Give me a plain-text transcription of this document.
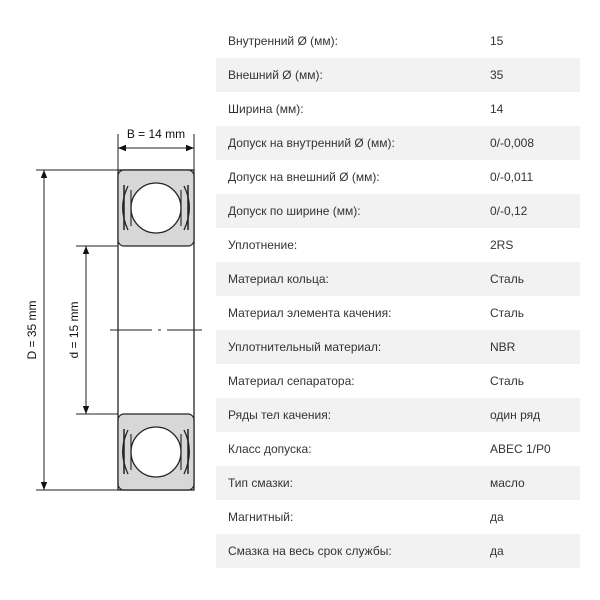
B = 14 mm
D = 35 mm d = 15 mm
Внутренний Ø (мм):	15
Внешний Ø (мм):	35
Ширина (мм):	14
Допуск на внутренний Ø (мм):	0/-0,008
Допуск на внешний Ø (мм):	0/-0,011
Допуск по ширине (мм):	0/-0,12
Уплотнение:	2RS
Материал кольца:	Сталь
Материал элемента качения:	Сталь
Уплотнительный материал:	NBR
Материал сепаратора:	Сталь
Ряды тел качения:	один ряд
Класс допуска:	ABEC 1/P0
Тип смазки:	масло
Магнитный:	да
Смазка на весь срок службы:	да
